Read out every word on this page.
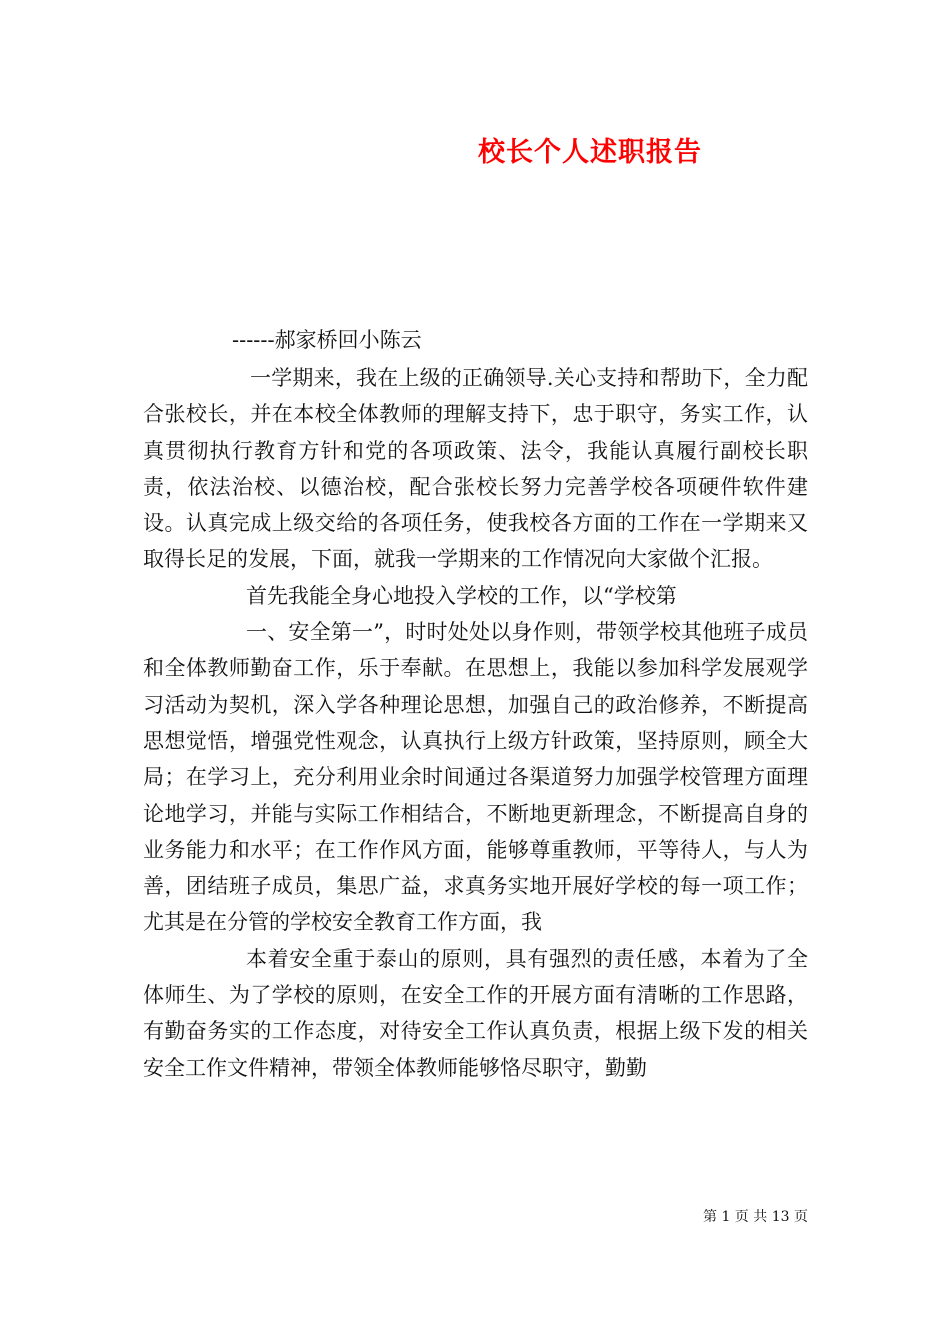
校长个人述职报告
------郝家桥回小陈云

一学期来，我在上级的正确领导.关心支持和帮助下，全力配合张校长，并在本校全体教师的理解支持下，忠于职守，务实工作，认真贯彻执行教育方针和党的各项政策、法令，我能认真履行副校长职责，依法治校、以德治校，配合张校长努力完善学校各项硬件软件建设。认真完成上级交给的各项任务，使我校各方面的工作在一学期来又取得长足的发展，下面，就我一学期来的工作情况向大家做个汇报。

首先我能全身心地投入学校的工作，以“学校第

一、安全第一”，时时处处以身作则，带领学校其他班子成员和全体教师勤奋工作，乐于奉献。在思想上，我能以参加科学发展观学习活动为契机，深入学各种理论思想，加强自己的政治修养，不断提高思想觉悟，增强党性观念，认真执行上级方针政策，坚持原则，顾全大局；在学习上，充分利用业余时间通过各渠道努力加强学校管理方面理论地学习，并能与实际工作相结合，不断地更新理念，不断提高自身的业务能力和水平；在工作作风方面，能够尊重教师，平等待人，与人为善，团结班子成员，集思广益，求真务实地开展好学校的每一项工作；尤其是在分管的学校安全教育工作方面，我

本着安全重于泰山的原则，具有强烈的责任感，本着为了全体师生、为了学校的原则，在安全工作的开展方面有清晰的工作思路，有勤奋务实的工作态度，对待安全工作认真负责，根据上级下发的相关安全工作文件精神，带领全体教师能够恪尽职守，勤勤

第 1 页 共 13 页
